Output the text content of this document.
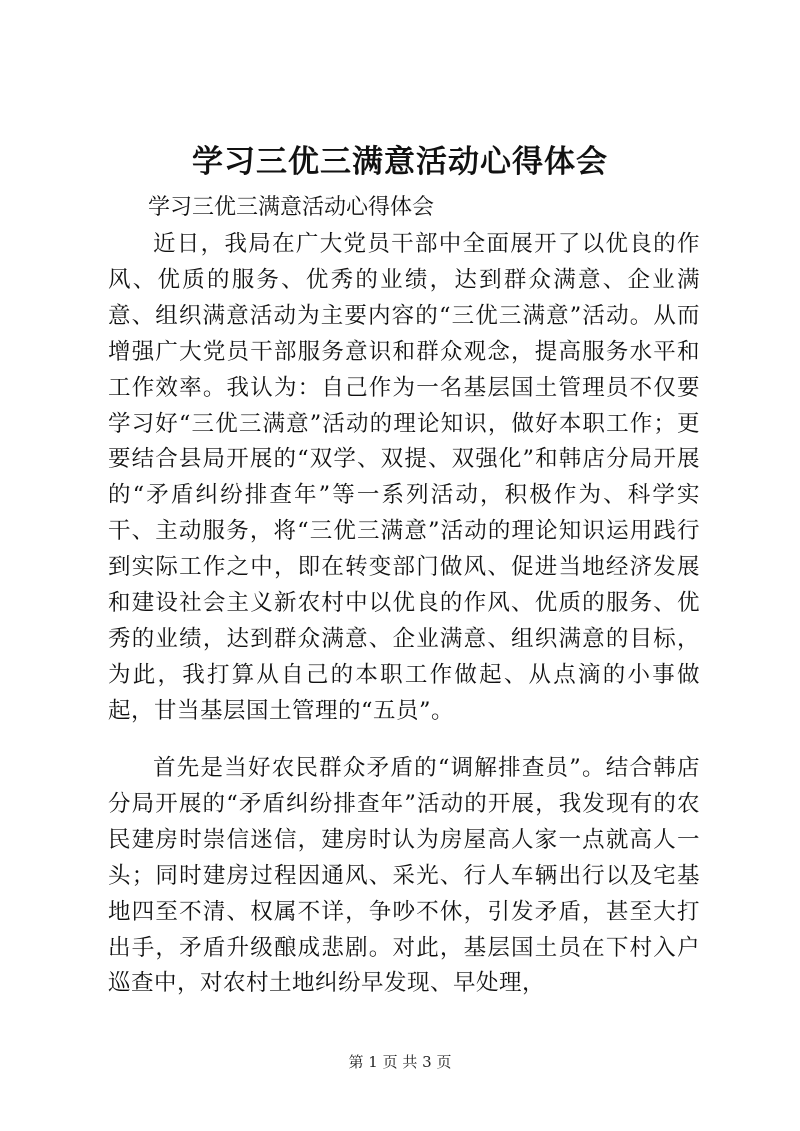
学习三优三满意活动心得体会
学习三优三满意活动心得体会

近日，我局在广大党员干部中全面展开了以优良的作风、优质的服务、优秀的业绩，达到群众满意、企业满意、组织满意活动为主要内容的“三优三满意”活动。从而增强广大党员干部服务意识和群众观念，提高服务水平和工作效率。我认为：自己作为一名基层国土管理员不仅要学习好“三优三满意”活动的理论知识，做好本职工作；更要结合县局开展的“双学、双提、双强化”和韩店分局开展的“矛盾纠纷排查年”等一系列活动，积极作为、科学实干、主动服务，将“三优三满意”活动的理论知识运用践行到实际工作之中，即在转变部门做风、促进当地经济发展和建设社会主义新农村中以优良的作风、优质的服务、优秀的业绩，达到群众满意、企业满意、组织满意的目标，为此，我打算从自己的本职工作做起、从点滴的小事做起，甘当基层国土管理的“五员”。

首先是当好农民群众矛盾的“调解排查员”。结合韩店分局开展的“矛盾纠纷排查年”活动的开展，我发现有的农民建房时崇信迷信，建房时认为房屋高人家一点就高人一头；同时建房过程因通风、采光、行人车辆出行以及宅基地四至不清、权属不详，争吵不休，引发矛盾，甚至大打出手，矛盾升级酿成悲剧。对此，基层国土员在下村入户巡查中，对农村土地纠纷早发现、早处理，

第 1 页 共 3 页
